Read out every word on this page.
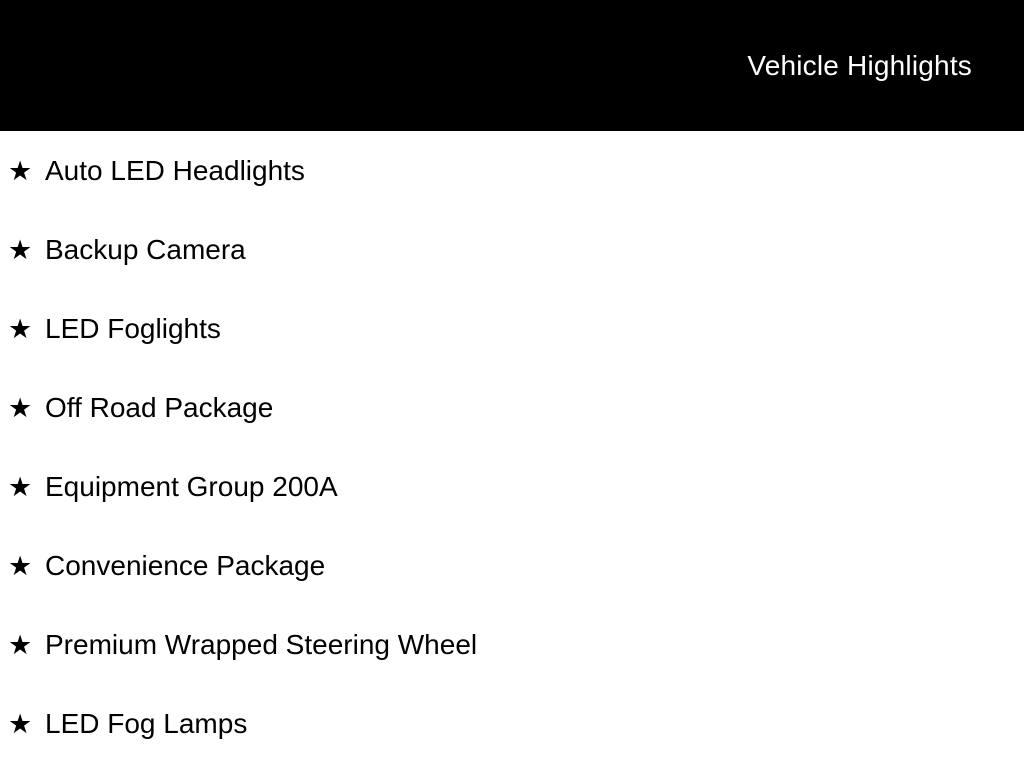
Vehicle Highlights
★ Auto LED Headlights
★ Backup Camera
★ LED Foglights
★ Off Road Package
★ Equipment Group 200A
★ Convenience Package
★ Premium Wrapped Steering Wheel
★ LED Fog Lamps
